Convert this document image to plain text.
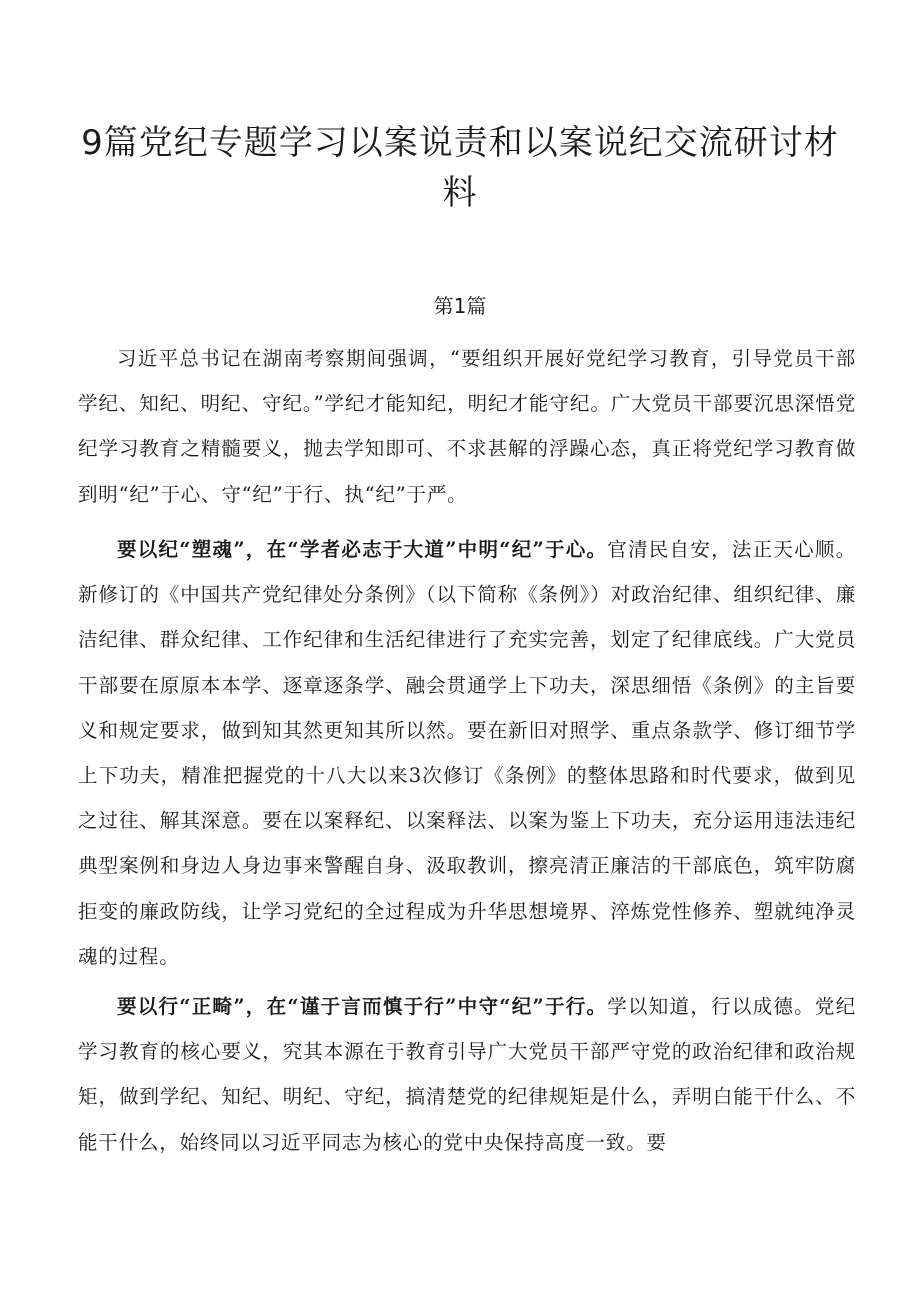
9篇党纪专题学习以案说责和以案说纪交流研讨材料
第1篇

习近平总书记在湖南考察期间强调，“要组织开展好党纪学习教育，引导党员干部学纪、知纪、明纪、守纪。”学纪才能知纪，明纪才能守纪。广大党员干部要沉思深悟党纪学习教育之精髓要义，抛去学知即可、不求甚解的浮躁心态，真正将党纪学习教育做到明“纪”于心、守“纪”于行、执“纪”于严。

要以纪“塑魂”，在“学者必志于大道”中明“纪”于心。官清民自安，法正天心顺。新修订的《中国共产党纪律处分条例》（以下简称《条例》）对政治纪律、组织纪律、廉洁纪律、群众纪律、工作纪律和生活纪律进行了充实完善，划定了纪律底线。广大党员干部要在原原本本学、逐章逐条学、融会贯通学上下功夫，深思细悟《条例》的主旨要义和规定要求，做到知其然更知其所以然。要在新旧对照学、重点条款学、修订细节学上下功夫，精准把握党的十八大以来3次修订《条例》的整体思路和时代要求，做到见之过往、解其深意。要在以案释纪、以案释法、以案为鉴上下功夫，充分运用违法违纪典型案例和身边人身边事来警醒自身、汲取教训，擦亮清正廉洁的干部底色，筑牢防腐拒变的廉政防线，让学习党纪的全过程成为升华思想境界、淬炼党性修养、塑就纯净灵魂的过程。

要以行“正畸”，在“谨于言而慎于行”中守“纪”于行。学以知道，行以成德。党纪学习教育的核心要义，究其本源在于教育引导广大党员干部严守党的政治纪律和政治规矩，做到学纪、知纪、明纪、守纪，搞清楚党的纪律规矩是什么，弄明白能干什么、不能干什么，始终同以习近平同志为核心的党中央保持高度一致。要
